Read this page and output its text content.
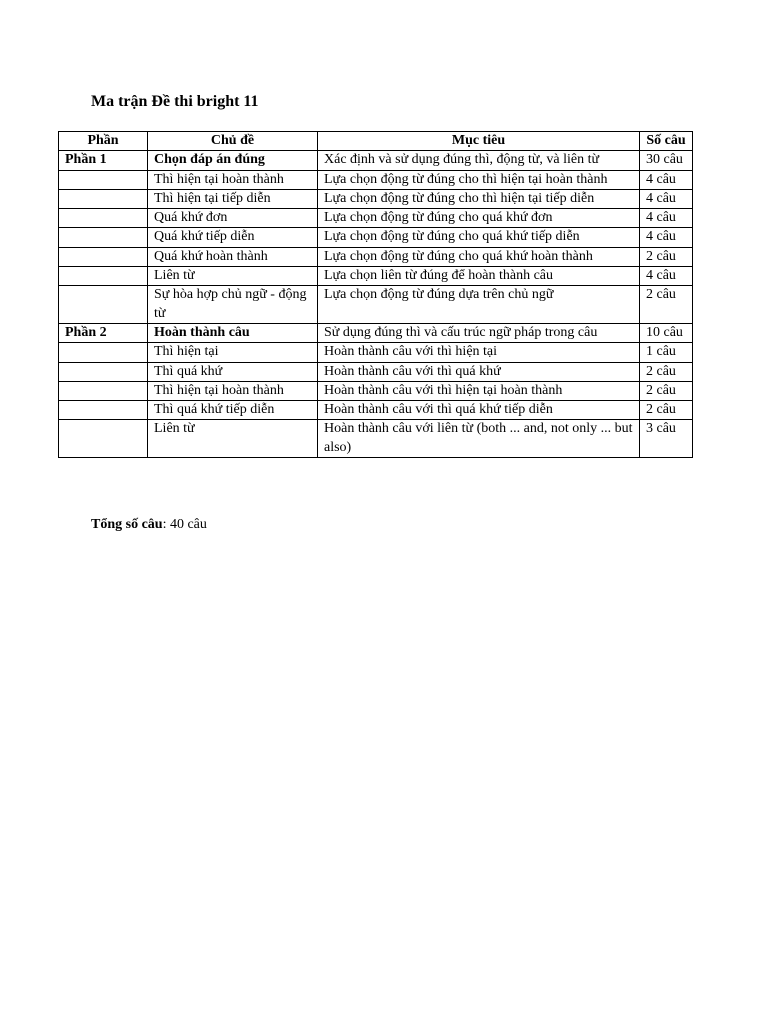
Ma trận Đề thi bright 11
Phần	Chủ đề	Mục tiêu	Số câu
Phần 1	Chọn đáp án đúng	Xác định và sử dụng đúng thì, động từ, và liên từ	30 câu
	Thì hiện tại hoàn thành	Lựa chọn động từ đúng cho thì hiện tại hoàn thành	4 câu
	Thì hiện tại tiếp diễn	Lựa chọn động từ đúng cho thì hiện tại tiếp diễn	4 câu
	Quá khứ đơn	Lựa chọn động từ đúng cho quá khứ đơn	4 câu
	Quá khứ tiếp diễn	Lựa chọn động từ đúng cho quá khứ tiếp diễn	4 câu
	Quá khứ hoàn thành	Lựa chọn động từ đúng cho quá khứ hoàn thành	2 câu
	Liên từ	Lựa chọn liên từ đúng để hoàn thành câu	4 câu
	Sự hòa hợp chủ ngữ - động từ	Lựa chọn động từ đúng dựa trên chủ ngữ	2 câu
Phần 2	Hoàn thành câu	Sử dụng đúng thì và cấu trúc ngữ pháp trong câu	10 câu
	Thì hiện tại	Hoàn thành câu với thì hiện tại	1 câu
	Thì quá khứ	Hoàn thành câu với thì quá khứ	2 câu
	Thì hiện tại hoàn thành	Hoàn thành câu với thì hiện tại hoàn thành	2 câu
	Thì quá khứ tiếp diễn	Hoàn thành câu với thì quá khứ tiếp diễn	2 câu
	Liên từ	Hoàn thành câu với liên từ (both ... and, not only ... but also)	3 câu

Tổng số câu: 40 câu
